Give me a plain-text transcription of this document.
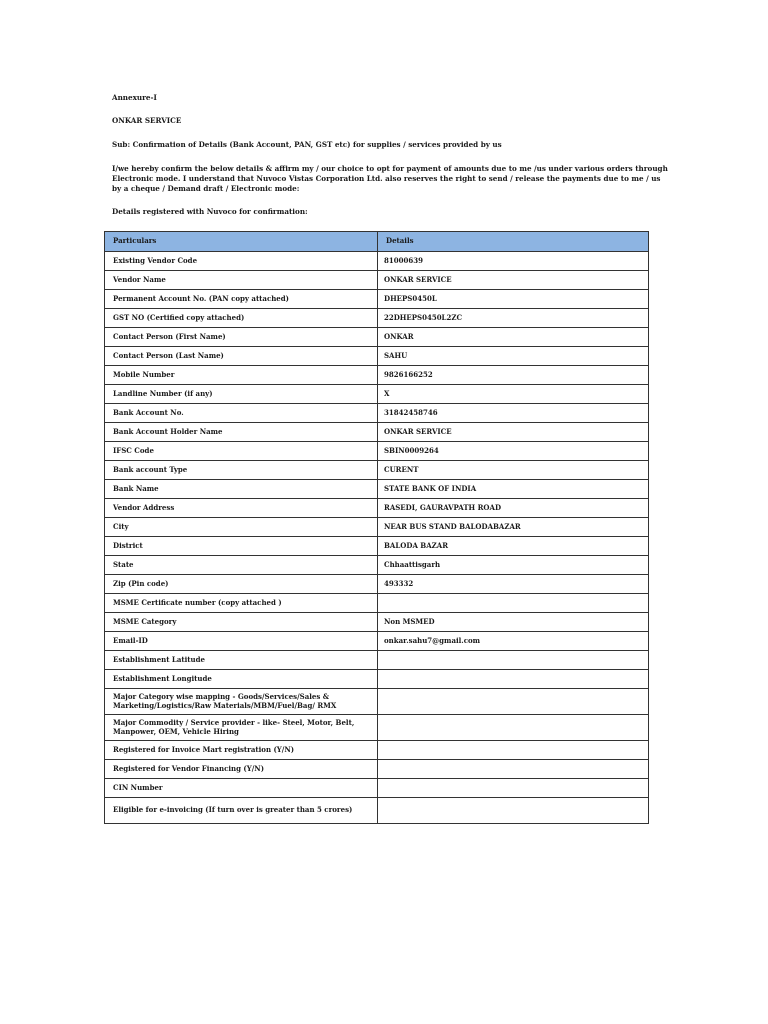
Annexure-I
ONKAR SERVICE
Sub: Confirmation of Details (Bank Account, PAN, GST etc) for supplies / services provided by us
I/we hereby confirm the below details & affirm my / our choice to opt for payment of amounts due to me /us under various orders through Electronic mode. I understand that Nuvoco Vistas Corporation Ltd. also reserves the right to send / release the payments due to me / us by a cheque / Demand draft / Electronic mode:
Details registered with Nuvoco for confirmation:
Particulars	Details
Existing Vendor Code	81000639
Vendor Name	ONKAR SERVICE
Permanent Account No. (PAN copy attached)	DHEPS0450L
GST NO (Certified copy attached)	22DHEPS0450L2ZC
Contact Person (First Name)	ONKAR
Contact Person (Last Name)	SAHU
Mobile Number	9826166252
Landline Number (if any)	X
Bank Account No.	31842458746
Bank Account Holder Name	ONKAR SERVICE
IFSC Code	SBIN0009264
Bank account Type	CURENT
Bank Name	STATE BANK OF INDIA
Vendor Address	RASEDI, GAURAVPATH ROAD
City	NEAR BUS STAND BALODABAZAR
District	BALODA BAZAR
State	Chhaattisgarh
Zip (Pin code)	493332
MSME Certificate number (copy attached )	
MSME Category	Non MSMED
Email-ID	onkar.sahu7@gmail.com
Establishment Latitude	
Establishment Longitude	
Major Category wise mapping - Goods/Services/Sales & Marketing/Logistics/Raw Materials/MBM/Fuel/Bag/ RMX	
Major Commodity / Service provider - like- Steel, Motor, Belt, Manpower, OEM, Vehicle Hiring	
Registered for Invoice Mart registration (Y/N)	
Registered for Vendor Financing (Y/N)	
CIN Number	
Eligible for e-invoicing (If turn over is greater than 5 crores)	
